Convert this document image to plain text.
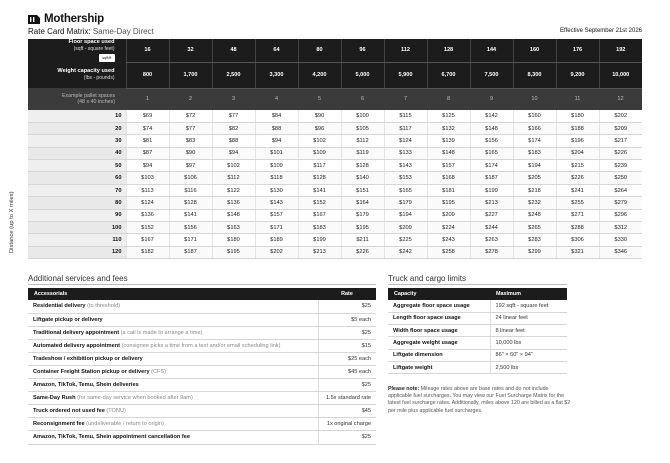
Mothership
Rate Card Matrix: Same-Day Direct	Effective September 21st 2026
Floor space used
(sqft - square feet)
sqft/ft	16	32	48	64	80	96	112	128	144	160	176	192

Weight capacity used
(lbs - pounds)	800	1,700	2,500	3,300	4,200	5,000	5,900	6,700	7,500	8,300	9,200	10,000

Example pallet spaces
(48 x 40 inches)	1	2	3	4	5	6	7	8	9	10	11	12
10	$69	$72	$77	$84	$90	$100	$115	$125	$142	$160	$180	$202
20	$74	$77	$82	$88	$96	$105	$117	$132	$148	$166	$188	$209
30	$81	$83	$88	$94	$102	$112	$124	$139	$156	$174	$196	$217
40	$87	$90	$94	$101	$109	$119	$133	$148	$165	$183	$204	$226
50	$94	$97	$102	$109	$117	$128	$143	$157	$174	$194	$215	$239
60	$103	$106	$112	$118	$128	$140	$153	$168	$187	$205	$226	$250
70	$113	$116	$122	$130	$141	$151	$165	$181	$199	$218	$241	$264
80	$124	$128	$136	$143	$152	$164	$179	$195	$213	$232	$255	$279
90	$136	$141	$148	$157	$167	$179	$194	$209	$227	$248	$271	$296
100	$152	$156	$163	$171	$183	$195	$209	$224	$244	$265	$288	$312
110	$167	$171	$180	$189	$199	$211	$225	$243	$263	$283	$306	$330
120	$182	$187	$195	$202	$213	$226	$242	$258	$278	$299	$321	$346
Distance (up to X miles)
Additional services and fees
Accessorials	Rate
Residential delivery (to threshold)	$25
Liftgate pickup or delivery	$5 each
Traditional delivery appointment (a call is made to arrange a time)	$25
Automated delivery appointment (consignee picks a time from a text and/or email scheduling link)	$15
Tradeshow / exhibition pickup or delivery	$25 each
Container Freight Station pickup or delivery (CFS)	$45 each
Amazon, TikTok, Temu, Shein deliveries	$25
Same-Day Rush (for same-day service when booked after 9am)	1.5x standard rate
Truck ordered not used fee (TONU)	$45
Reconsignment fee (undeliverable / return to origin)	1x original charge
Amazon, TikTok, Temu, Shein appointment cancellation fee	$25
Truck and cargo limits
Capacity	Maximum
Aggregate floor space usage	192 sqft - square feet
Length floor space usage	24 linear feet
Width floor space usage	8 linear feet
Aggregate weight usage	10,000 lbs
Liftgate dimension	86" × 60" × 94"
Liftgate weight	2,500 lbs
Please note: Mileage rates above are base rates and do not include applicable fuel surcharges. You may view our Fuel Surcharge Matrix for the latest fuel surcharge rates. Additionally, miles above 120 are billed as a flat $2 per mile plus applicable fuel surcharges.
